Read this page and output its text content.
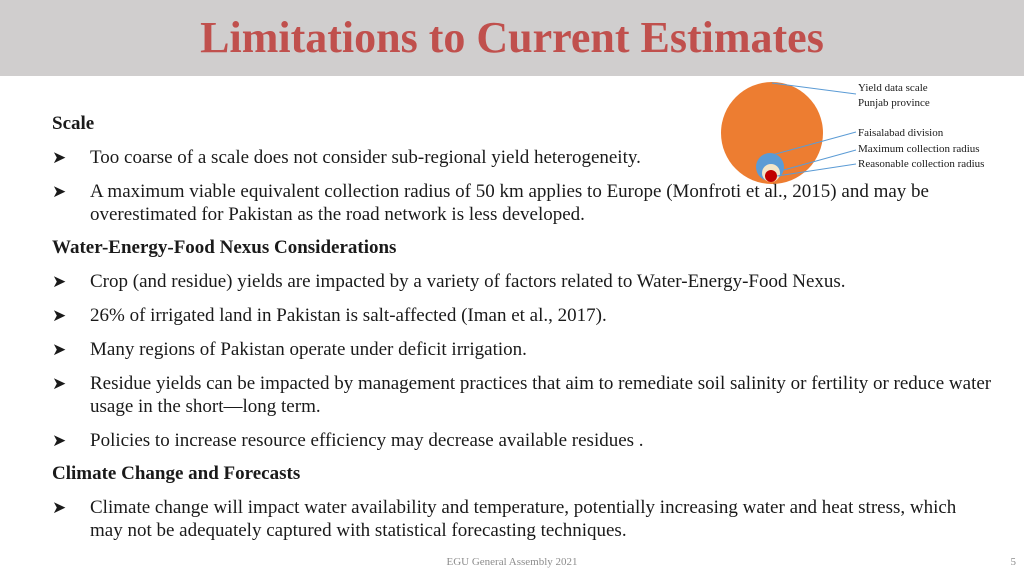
Limitations to Current Estimates
Yield data scale
Punjab province
Faisalabad division
Maximum collection radius
Reasonable collection radius
Scale
➤ Too coarse of a scale does not consider sub-regional yield heterogeneity.
➤ A maximum viable equivalent collection radius of 50 km applies to Europe (Monfroti et al., 2015) and may be overestimated for Pakistan as the road network is less developed.
Water-Energy-Food Nexus Considerations
➤ Crop (and residue) yields are impacted by a variety of factors related to Water-Energy-Food Nexus.
➤ 26% of irrigated land in Pakistan is salt-affected (Iman et al., 2017).
➤ Many regions of Pakistan operate under deficit irrigation.
➤ Residue yields can be impacted by management practices that aim to remediate soil salinity or fertility or reduce water usage in the short—long term.
➤ Policies to increase resource efficiency may decrease available residues .
Climate Change and Forecasts
➤ Climate change will impact water availability and temperature, potentially increasing water and heat stress, which may not be adequately captured with statistical forecasting techniques.
EGU General Assembly 2021	5
